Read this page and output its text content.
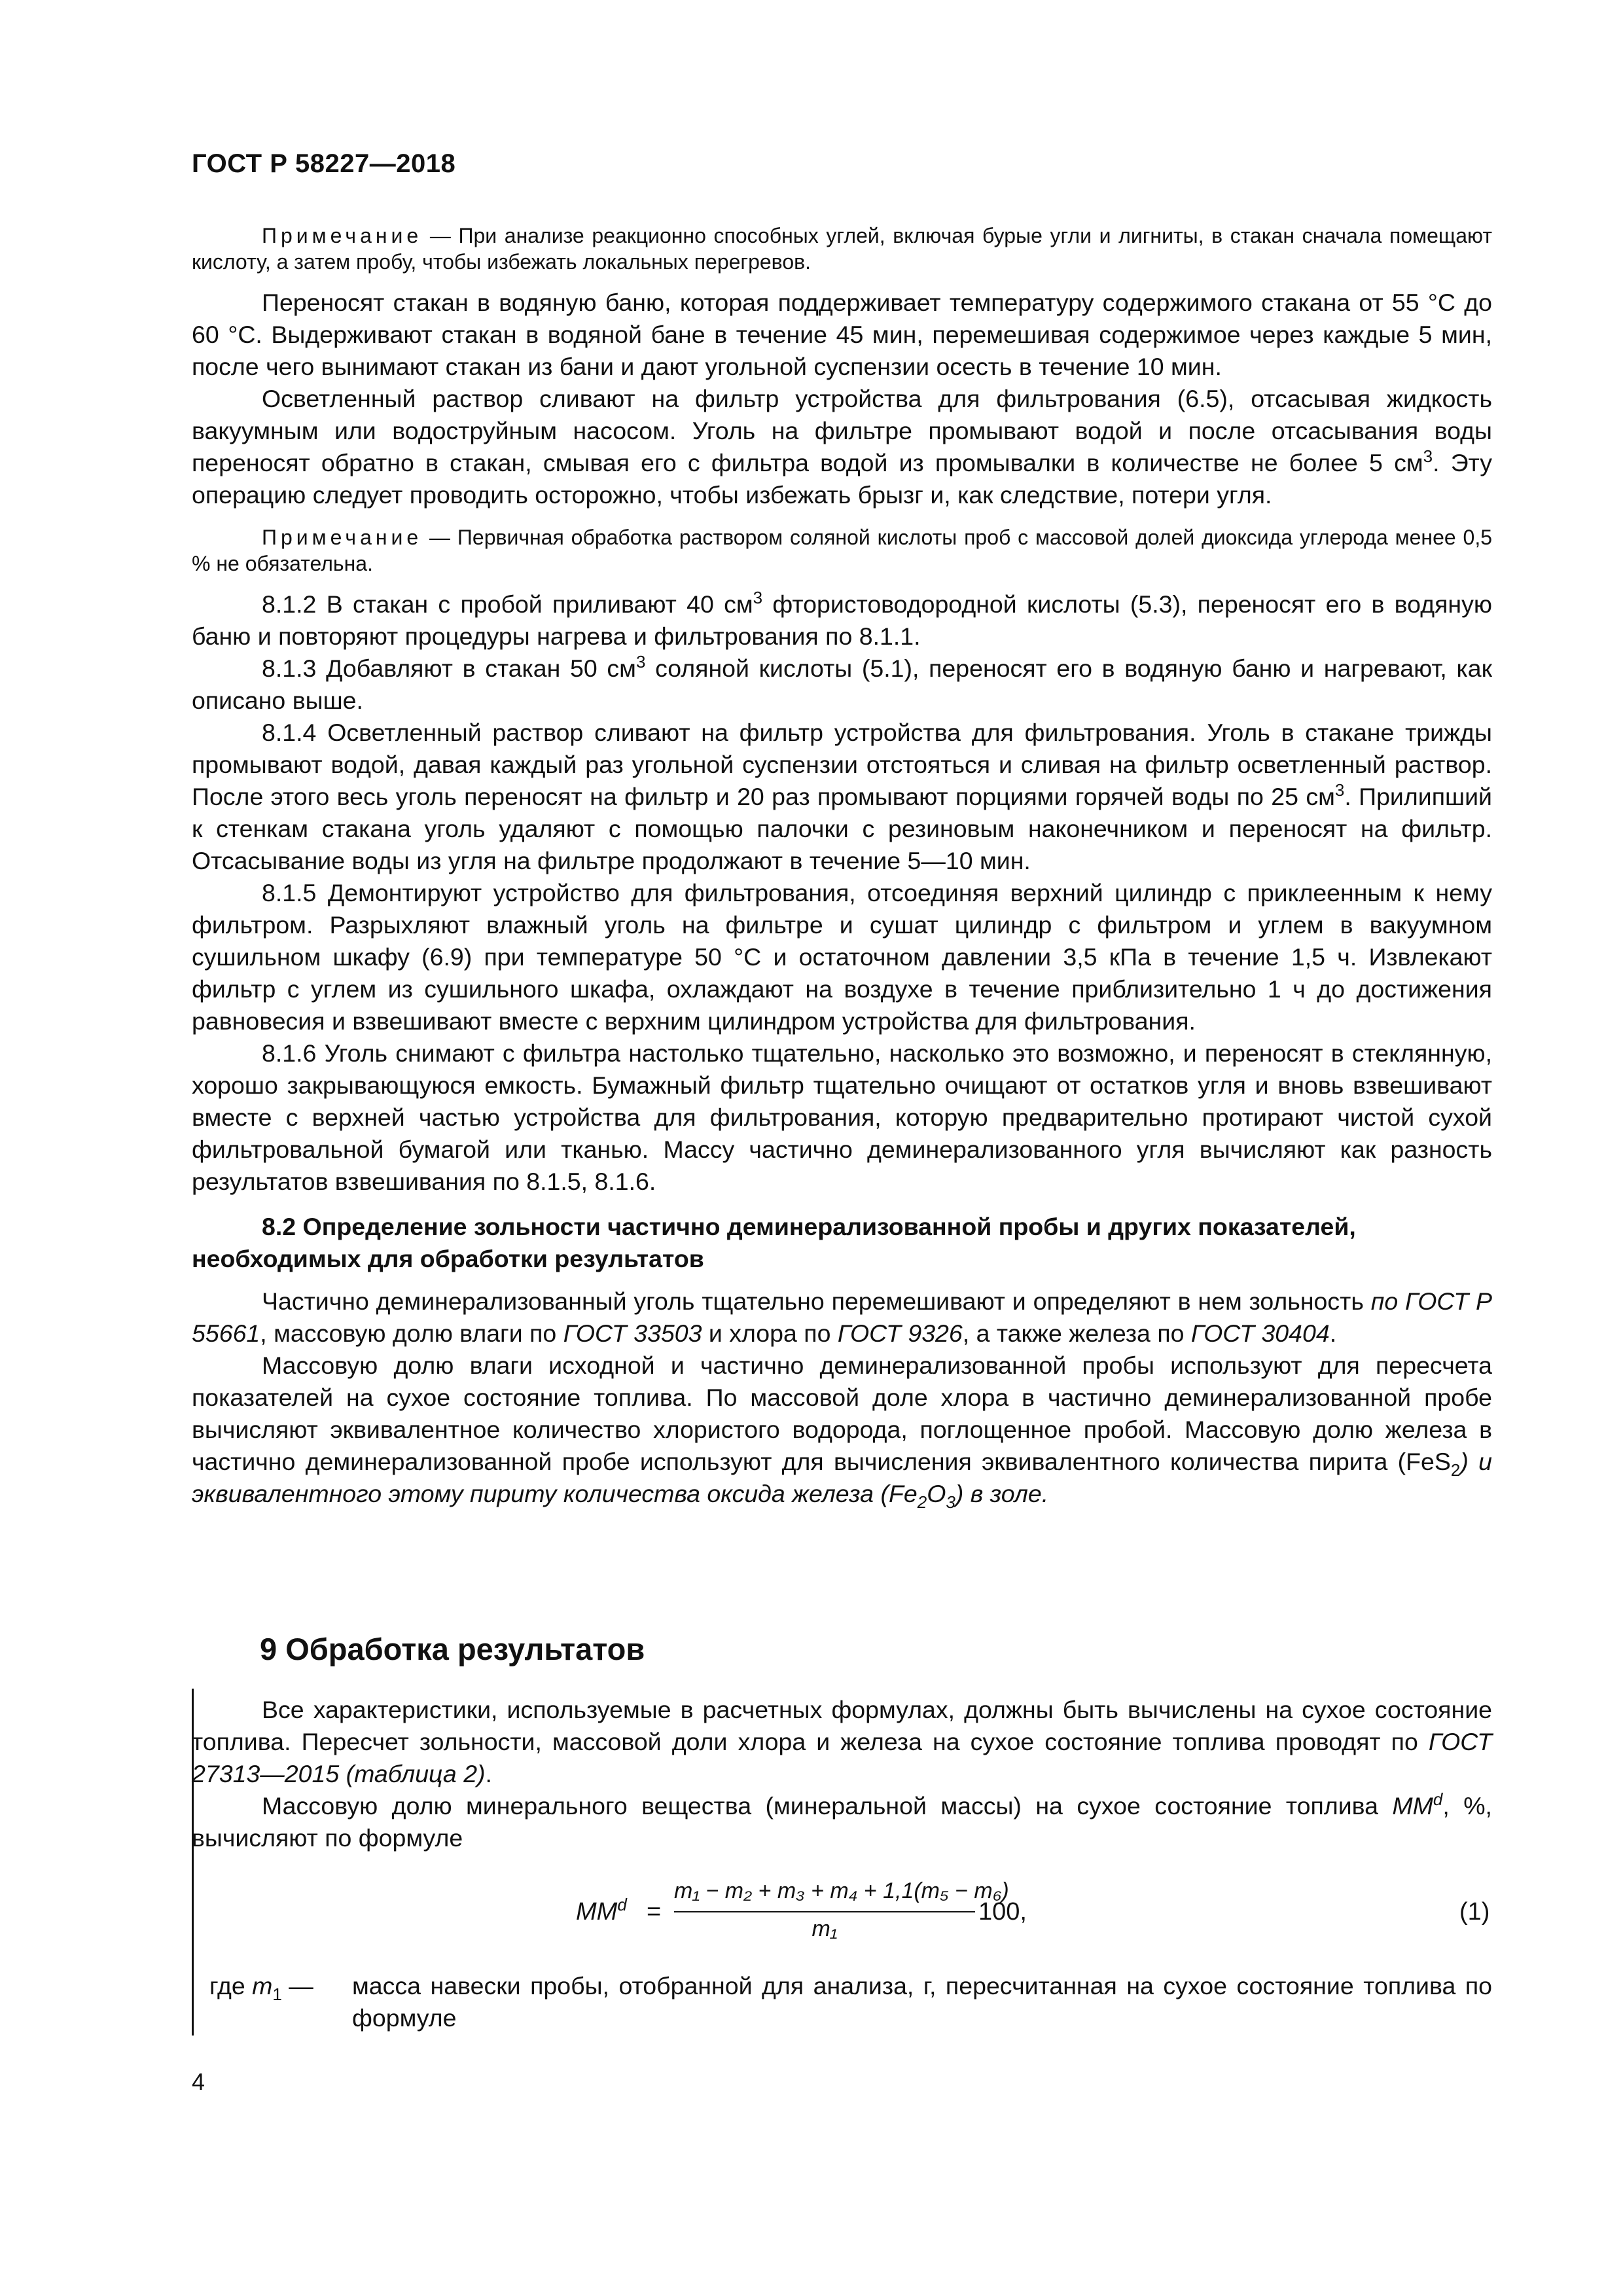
ГОСТ Р 58227—2018

Примечание — При анализе реакционно способных углей, включая бурые угли и лигниты, в стакан сначала помещают кислоту, а затем пробу, чтобы избежать локальных перегревов.

Переносят стакан в водяную баню, которая поддерживает температуру содержимого стакана от 55 °С до 60 °С. Выдерживают стакан в водяной бане в течение 45 мин, перемешивая содержимое через каждые 5 мин, после чего вынимают стакан из бани и дают угольной суспензии осесть в течение 10 мин.

Осветленный раствор сливают на фильтр устройства для фильтрования (6.5), отсасывая жидкость вакуумным или водоструйным насосом. Уголь на фильтре промывают водой и после отсасывания воды переносят обратно в стакан, смывая его с фильтра водой из промывалки в количестве не более 5 $см^3$. Эту операцию следует проводить осторожно, чтобы избежать брызг и, как следствие, потери угля.

Примечание — Первичная обработка раствором соляной кислоты проб с массовой долей диоксида углерода менее 0,5 % не обязательна.

8.1.2 В стакан с пробой приливают 40 $см^3$ фтористоводородной кислоты (5.3), переносят его в водяную баню и повторяют процедуры нагрева и фильтрования по 8.1.1.

8.1.3 Добавляют в стакан 50 $см^3$ соляной кислоты (5.1), переносят его в водяную баню и нагревают, как описано выше.

8.1.4 Осветленный раствор сливают на фильтр устройства для фильтрования. Уголь в стакане трижды промывают водой, давая каждый раз угольной суспензии отстояться и сливая на фильтр осветленный раствор. После этого весь уголь переносят на фильтр и 20 раз промывают порциями горячей воды по 25 $см^3$. Прилипший к стенкам стакана уголь удаляют с помощью палочки с резиновым наконечником и переносят на фильтр. Отсасывание воды из угля на фильтре продолжают в течение 5—10 мин.

8.1.5 Демонтируют устройство для фильтрования, отсоединяя верхний цилиндр с приклеенным к нему фильтром. Разрыхляют влажный уголь на фильтре и сушат цилиндр с фильтром и углем в вакуумном сушильном шкафу (6.9) при температуре 50 °С и остаточном давлении 3,5 кПа в течение 1,5 ч. Извлекают фильтр с углем из сушильного шкафа, охлаждают на воздухе в течение приблизительно 1 ч до достижения равновесия и взвешивают вместе с верхним цилиндром устройства для фильтрования.

8.1.6 Уголь снимают с фильтра настолько тщательно, насколько это возможно, и переносят в стеклянную, хорошо закрывающуюся емкость. Бумажный фильтр тщательно очищают от остатков угля и вновь взвешивают вместе с верхней частью устройства для фильтрования, которую предварительно протирают чистой сухой фильтровальной бумагой или тканью. Массу частично деминерализованного угля вычисляют как разность результатов взвешивания по 8.1.5, 8.1.6.

8.2 Определение зольности частично деминерализованной пробы и других показателей, необходимых для обработки результатов

Частично деминерализованный уголь тщательно перемешивают и определяют в нем зольность по ГОСТ Р 55661, массовую долю влаги по ГОСТ 33503 и хлора по ГОСТ 9326, а также железа по ГОСТ 30404.

Массовую долю влаги исходной и частично деминерализованной пробы используют для пересчета показателей на сухое состояние топлива. По массовой доле хлора в частично деминерализованной пробе вычисляют эквивалентное количество хлористого водорода, поглощенное пробой. Массовую долю железа в частично деминерализованной пробе используют для вычисления эквивалентного количества пирита (FeS$_2$) и эквивалентного этому пириту количества оксида железа $(Fe_2O_3)$ в золе.

9 Обработка результатов

Все характеристики, используемые в расчетных формулах, должны быть вычислены на сухое состояние топлива. Пересчет зольности, массовой доли хлора и железа на сухое состояние топлива проводят по ГОСТ 27313—2015 (таблица 2).

Массовую долю минерального вещества (минеральной массы) на сухое состояние топлива $MM^d$, %, вычисляют по формуле

$MM^d$ =
m₁ − m₂ + m₃ + m₄ + 1,1(m₅ − m₆)
m₁
100,	(1)
где $m_1$ — масса навески пробы, отобранной для анализа, г, пересчитанная на сухое состояние топлива по формуле
4
